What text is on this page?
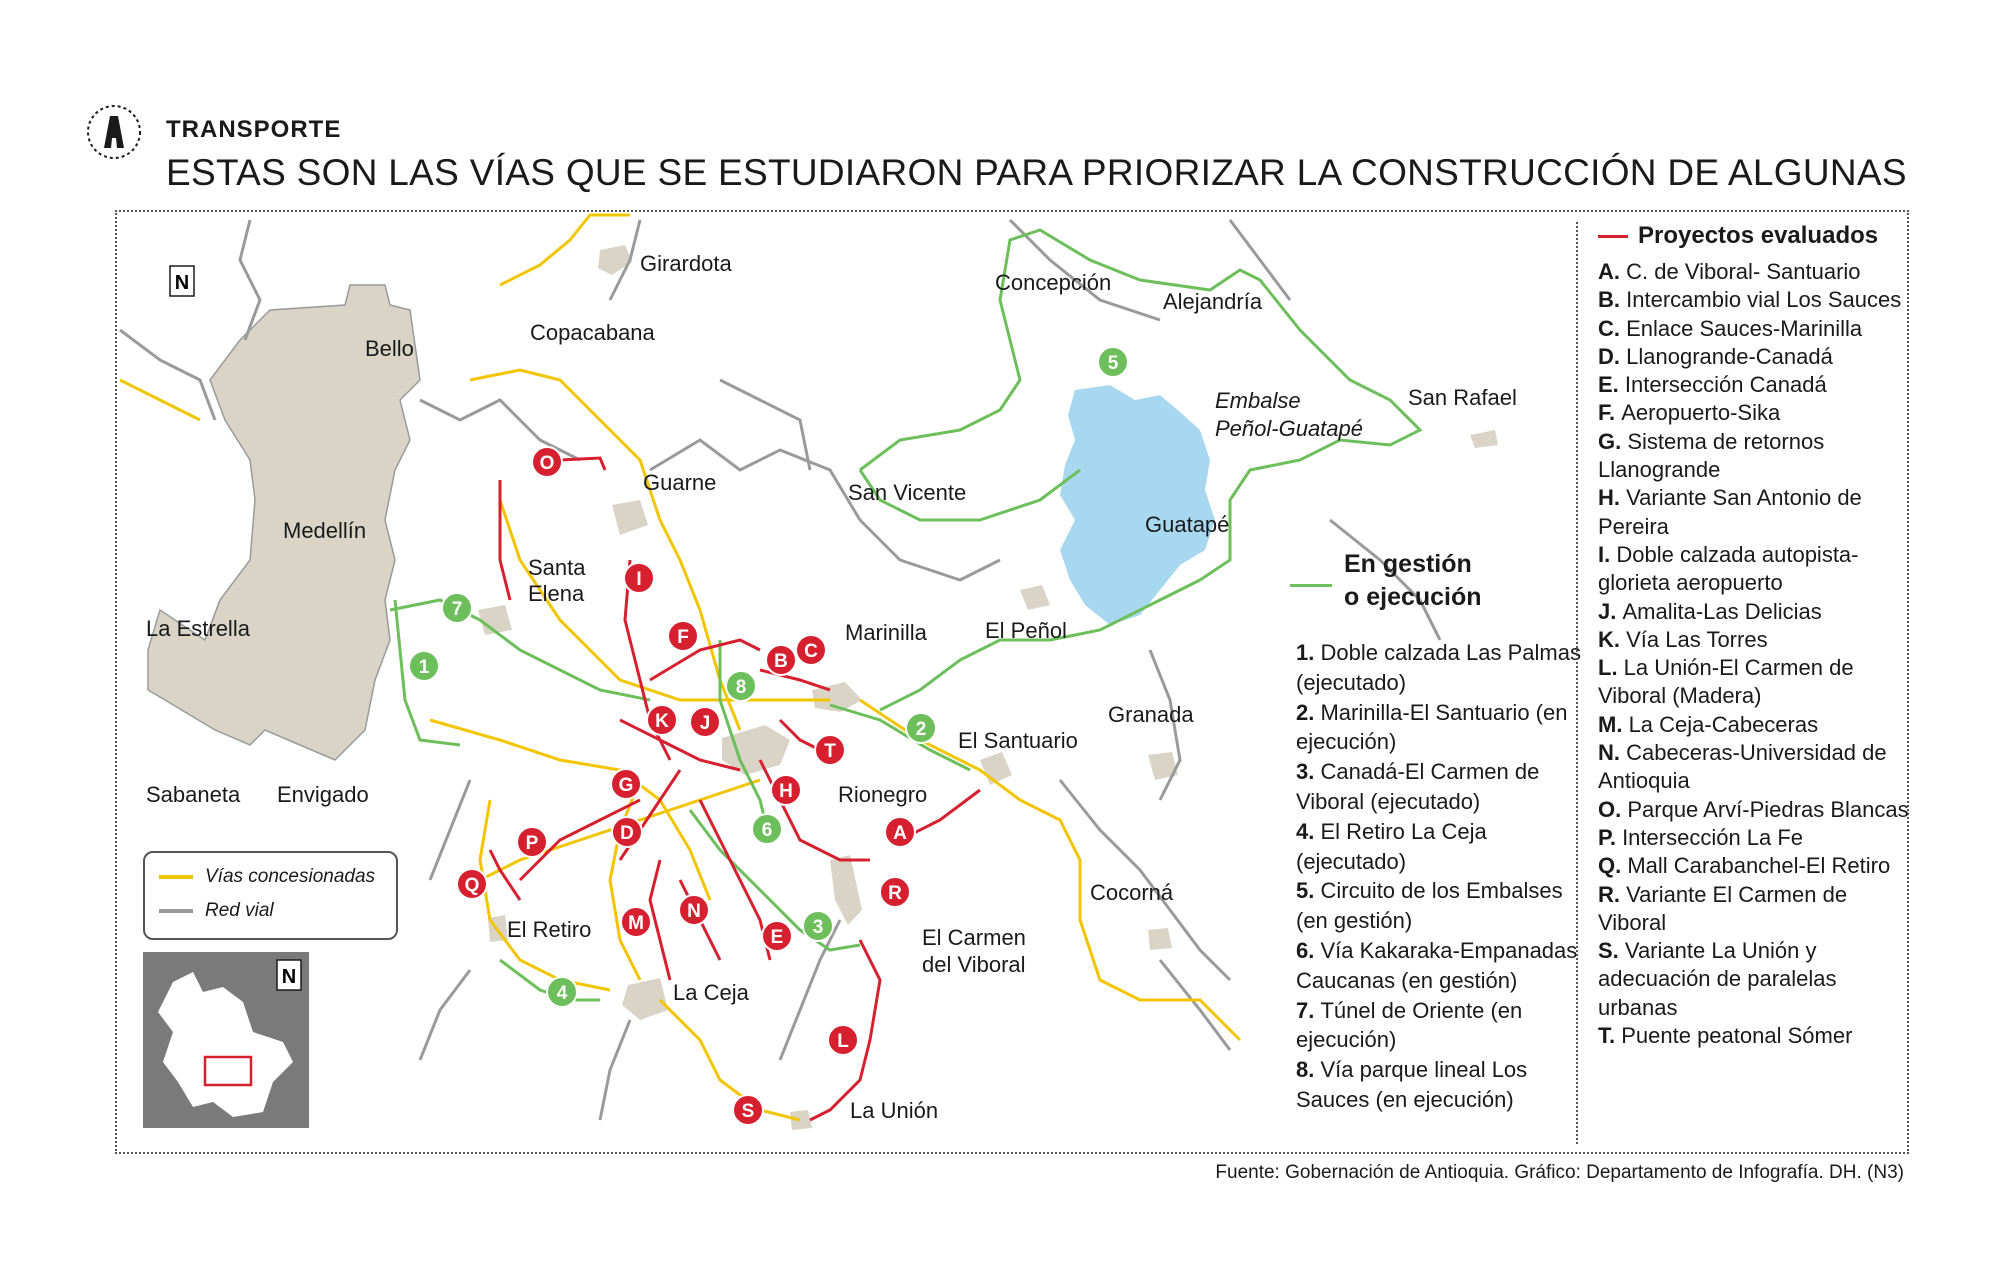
TRANSPORTE
ESTAS SON LAS VÍAS QUE SE ESTUDIARON PARA PRIORIZAR LA CONSTRUCCIÓN DE ALGUNAS
N
Girardota
Copacabana
Bello
Medellín
La Estrella
Sabaneta Envigado
Santa Elena
Guarne	San Vicente
Concepción
Alejandría
San Rafael
Embalse
Peñol-Guatapé
Guatapé
El Peñol
Marinilla
El Santuario
Granada
Rionegro
Cocorná
El Carmen
del Viboral
El Retiro
La Ceja
La Unión
A
B C
D
E
F
G	H
I
J
K
L
M
N
O
P
Q	R
S
T
1
2
3
4
5
6
7
8
Vías concesionadas
Red vial
N
En gestión
o ejecución
1. Doble calzada Las Palmas (ejecutado)
2. Marinilla-El Santuario (en ejecución)
3. Canadá-El Carmen de Viboral (ejecutado)
4. El Retiro La Ceja (ejecutado)
5. Circuito de los Embalses (en gestión)
6. Vía Kakaraka-Empanadas Caucanas (en gestión)
7. Túnel de Oriente (en ejecución)
8. Vía parque lineal Los Sauces (en ejecución)
Proyectos evaluados
A. C. de Viboral- Santuario
B. Intercambio vial Los Sauces
C. Enlace Sauces-Marinilla
D. Llanogrande-Canadá
E. Intersección Canadá
F. Aeropuerto-Sika
G. Sistema de retornos Llanogrande
H. Variante San Antonio de Pereira
I. Doble calzada autopista-glorieta aeropuerto
J. Amalita-Las Delicias
K. Vía Las Torres
L. La Unión-El Carmen de Viboral (Madera)
M. La Ceja-Cabeceras
N. Cabeceras-Universidad de Antioquia
O. Parque Arví-Piedras Blancas
P. Intersección La Fe
Q. Mall Carabanchel-El Retiro
R. Variante El Carmen de Viboral
S. Variante La Unión y adecuación de paralelas urbanas
T. Puente peatonal Sómer
Fuente: Gobernación de Antioquia. Gráfico: Departamento de Infografía. DH. (N3)
